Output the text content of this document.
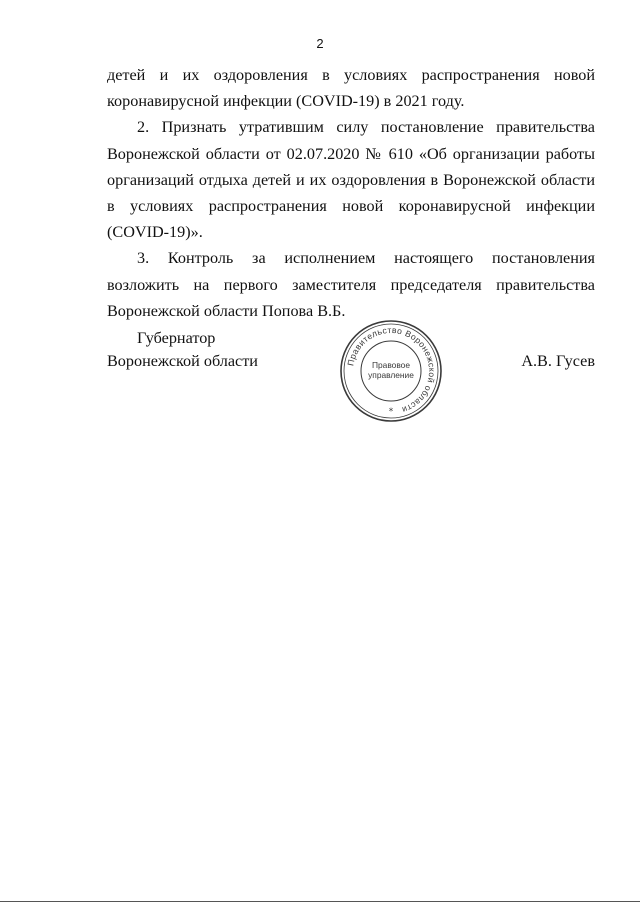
2

детей и их оздоровления в условиях распространения новой

коронавирусной инфекции (COVID-19) в 2021 году.

2. Признать утратившим силу постановление правительства Воронежской области от 02.07.2020 № 610 «Об организации работы организаций отдыха детей и их оздоровления в Воронежской области в условиях распространения новой коронавирусной инфекции (COVID-19)».

3. Контроль за исполнением настоящего постановления возложить на первого заместителя председателя правительства Воронежской области Попова В.Б.

Губернатор
Воронежской области	Правительство Воронежской области
Правовое
управление
*
А.В. Гусев
